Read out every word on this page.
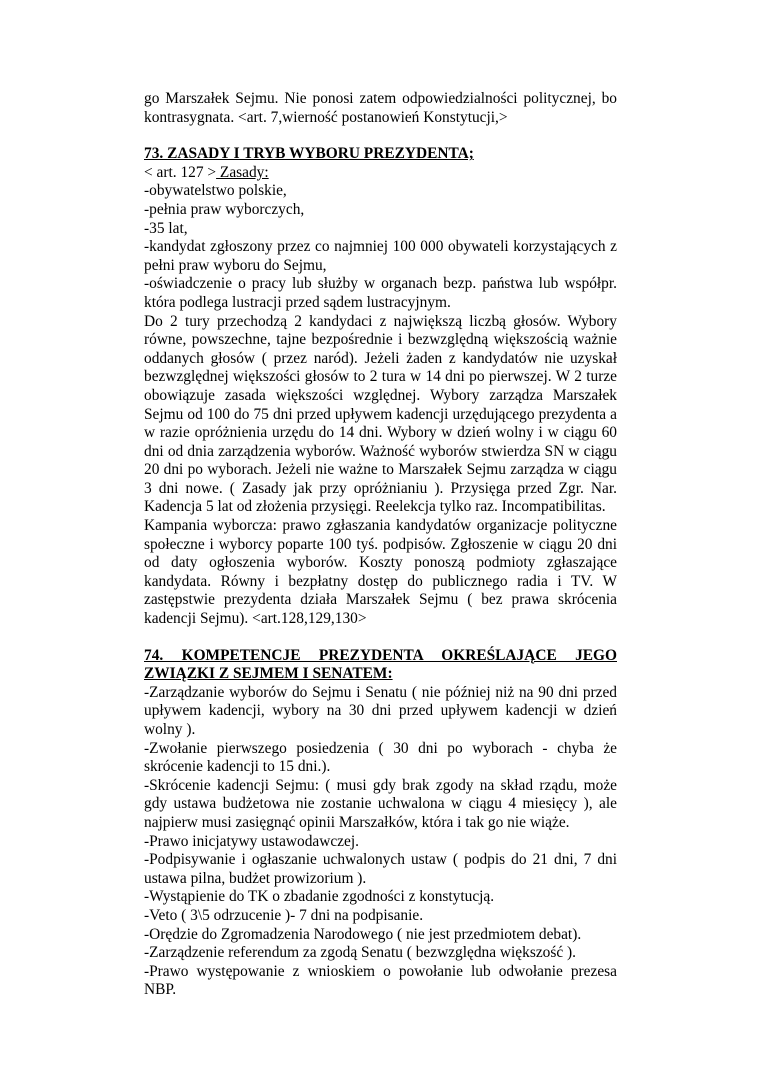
go Marszałek Sejmu. Nie ponosi zatem odpowiedzialności politycznej, bo kontrasygnata. <art. 7,wierność postanowień Konstytucji,>

73. ZASADY I TRYB WYBORU PREZYDENTA;

< art. 127 > Zasady:

-obywatelstwo polskie,

-pełnia praw wyborczych,

-35 lat,

-kandydat zgłoszony przez co najmniej 100 000 obywateli korzystających z pełni praw wyboru do Sejmu,

-oświadczenie o pracy lub służby w organach bezp. państwa lub współpr. która podlega lustracji przed sądem lustracyjnym.

Do 2 tury przechodzą 2 kandydaci z największą liczbą głosów. Wybory równe, powszechne, tajne bezpośrednie i bezwzględną większością ważnie oddanych głosów ( przez naród). Jeżeli żaden z kandydatów nie uzyskał bezwzględnej większości głosów to 2 tura w 14 dni po pierwszej. W 2 turze obowiązuje zasada większości względnej. Wybory zarządza Marszałek Sejmu od 100 do 75 dni przed upływem kadencji urzędującego prezydenta a w razie opróżnienia urzędu do 14 dni. Wybory w dzień wolny i w ciągu 60 dni od dnia zarządzenia wyborów. Ważność wyborów stwierdza SN w ciągu 20 dni po wyborach. Jeżeli nie ważne to Marszałek Sejmu zarządza w ciągu 3 dni nowe. ( Zasady jak przy opróżnianiu ). Przysięga przed Zgr. Nar. Kadencja 5 lat od złożenia przysięgi. Reelekcja tylko raz. Incompatibilitas.

Kampania wyborcza: prawo zgłaszania kandydatów organizacje polityczne społeczne i wyborcy poparte 100 tyś. podpisów. Zgłoszenie w ciągu 20 dni od daty ogłoszenia wyborów. Koszty ponoszą podmioty zgłaszające kandydata. Równy i bezpłatny dostęp do publicznego radia i TV. W zastępstwie prezydenta działa Marszałek Sejmu ( bez prawa skrócenia kadencji Sejmu). <art.128,129,130>

74. KOMPETENCJE PREZYDENTA OKREŚLAJĄCE JEGO

ZWIĄZKI Z SEJMEM I SENATEM:

-Zarządzanie wyborów do Sejmu i Senatu ( nie później niż na 90 dni przed upływem kadencji, wybory na 30 dni przed upływem kadencji w dzień wolny ).

-Zwołanie pierwszego posiedzenia ( 30 dni po wyborach - chyba że skrócenie kadencji to 15 dni.).

-Skrócenie kadencji Sejmu: ( musi gdy brak zgody na skład rządu, może gdy ustawa budżetowa nie zostanie uchwalona w ciągu 4 miesięcy ), ale najpierw musi zasięgnąć opinii Marszałków, która i tak go nie wiąże.

-Prawo inicjatywy ustawodawczej.

-Podpisywanie i ogłaszanie uchwalonych ustaw ( podpis do 21 dni, 7 dni ustawa pilna, budżet prowizorium ).

-Wystąpienie do TK o zbadanie zgodności z konstytucją.

-Veto ( 3\5 odrzucenie )- 7 dni na podpisanie.

-Orędzie do Zgromadzenia Narodowego ( nie jest przedmiotem debat).

-Zarządzenie referendum za zgodą Senatu ( bezwzględna większość ).

-Prawo występowanie z wnioskiem o powołanie lub odwołanie prezesa NBP.
